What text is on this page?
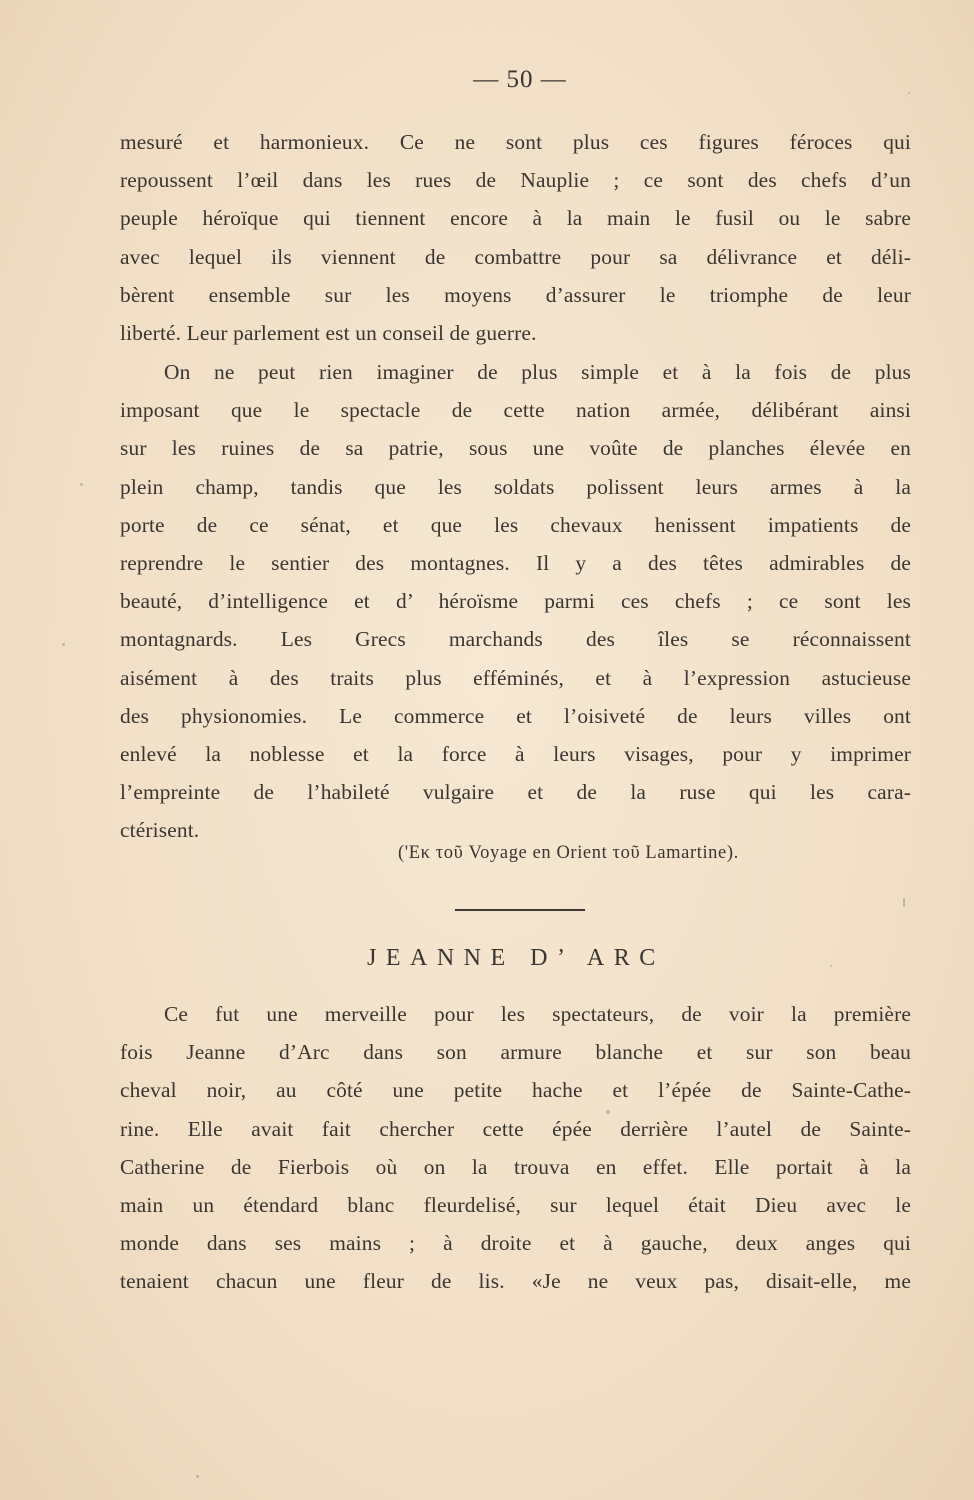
— 50 —
mesuré et harmonieux. Ce ne sont plus ces figures féroces qui
repoussent l’œil dans les rues de Nauplie ; ce sont des chefs d’un
peuple héroïque qui tiennent encore à la main le fusil ou le sabre
avec lequel ils viennent de combattre pour sa délivrance et déli-
bèrent ensemble sur les moyens d’assurer le triomphe de leur
liberté. Leur parlement est un conseil de guerre.
On ne peut rien imaginer de plus simple et à la fois de plus
imposant que le spectacle de cette nation armée, délibérant ainsi
sur les ruines de sa patrie, sous une voûte de planches élevée en
plein champ, tandis que les soldats polissent leurs armes à la
porte de ce sénat, et que les chevaux henissent impatients de
reprendre le sentier des montagnes. Il y a des têtes admirables de
beauté, d’intelligence et d’ héroïsme parmi ces chefs ; ce sont les
montagnards. Les Grecs marchands des îles se réconnaissent
aisément à des traits plus efféminés, et à l’expression astucieuse
des physionomies. Le commerce et l’oisiveté de leurs villes ont
enlevé la noblesse et la force à leurs visages, pour y imprimer
l’empreinte de l’habileté vulgaire et de la ruse qui les cara-
ctérisent.
('Eκ τοῦ Voyage en Orient τοῦ Lamartine).
JEANNE D’ ARC
Ce fut une merveille pour les spectateurs, de voir la première
fois Jeanne d’Arc dans son armure blanche et sur son beau
cheval noir, au côté une petite hache et l’épée de Sainte-Cathe-
rine. Elle avait fait chercher cette épée derrière l’autel de Sainte-
Catherine de Fierbois où on la trouva en effet. Elle portait à la
main un étendard blanc fleurdelisé, sur lequel était Dieu avec le
monde dans ses mains ; à droite et à gauche, deux anges qui
tenaient chacun une fleur de lis. «Je ne veux pas, disait-elle, me
